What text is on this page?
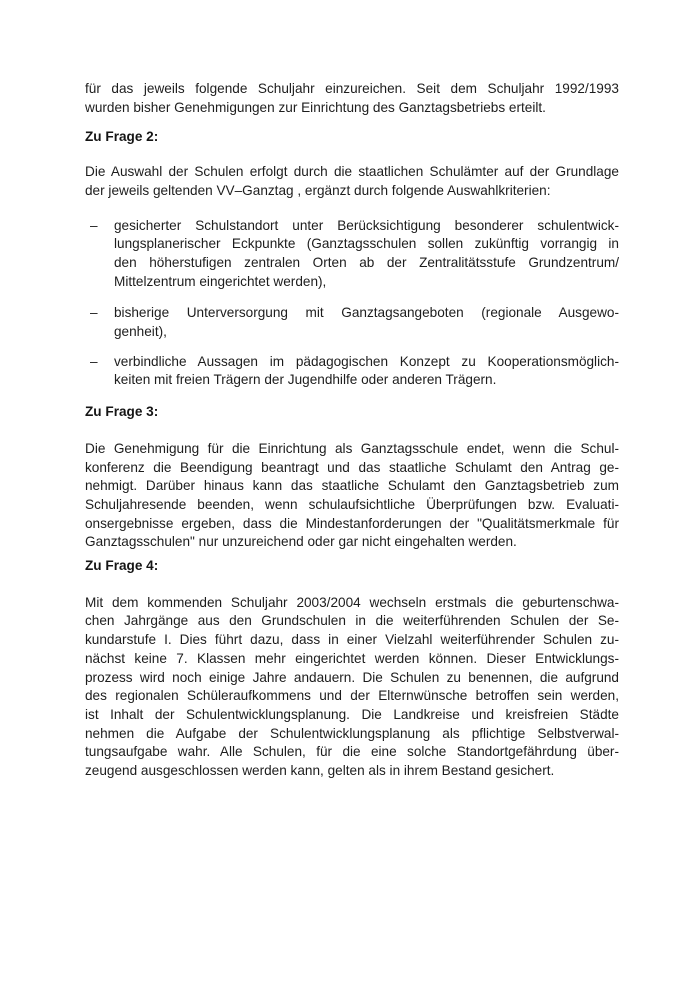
für das jeweils folgende Schuljahr einzureichen. Seit dem Schuljahr 1992/1993
wurden bisher Genehmigungen zur Einrichtung des Ganztagsbetriebs erteilt.
Zu Frage 2:
Die Auswahl der Schulen erfolgt durch die staatlichen Schulämter auf der Grundlage
der jeweils geltenden VV–Ganztag , ergänzt durch folgende Auswahlkriterien:
–	gesicherter Schulstandort unter Berücksichtigung besonderer schulentwick-
lungsplanerischer Eckpunkte (Ganztagsschulen sollen zukünftig vorrangig in
den höherstufigen zentralen Orten ab der Zentralitätsstufe Grundzentrum/
Mittelzentrum eingerichtet werden),
–	bisherige Unterversorgung mit Ganztagsangeboten (regionale Ausgewo-
genheit),
–	verbindliche Aussagen im pädagogischen Konzept zu Kooperationsmöglich-
keiten mit freien Trägern der Jugendhilfe oder anderen Trägern.
Zu Frage 3:
Die Genehmigung für die Einrichtung als Ganztagsschule endet, wenn die Schul-
konferenz die Beendigung beantragt und das staatliche Schulamt den Antrag ge-
nehmigt. Darüber hinaus kann das staatliche Schulamt den Ganztagsbetrieb zum
Schuljahresende beenden, wenn schulaufsichtliche Überprüfungen bzw. Evaluati-
onsergebnisse ergeben, dass die Mindestanforderungen der "Qualitätsmerkmale für
Ganztagsschulen" nur unzureichend oder gar nicht eingehalten werden.
Zu Frage 4:
Mit dem kommenden Schuljahr 2003/2004 wechseln erstmals die geburtenschwa-
chen Jahrgänge aus den Grundschulen in die weiterführenden Schulen der Se-
kundarstufe I. Dies führt dazu, dass in einer Vielzahl weiterführender Schulen zu-
nächst keine 7. Klassen mehr eingerichtet werden können. Dieser Entwicklungs-
prozess wird noch einige Jahre andauern. Die Schulen zu benennen, die aufgrund
des regionalen Schüleraufkommens und der Elternwünsche betroffen sein werden,
ist Inhalt der Schulentwicklungsplanung. Die Landkreise und kreisfreien Städte
nehmen die Aufgabe der Schulentwicklungsplanung als pflichtige Selbstverwal-
tungsaufgabe wahr. Alle Schulen, für die eine solche Standortgefährdung über-
zeugend ausgeschlossen werden kann, gelten als in ihrem Bestand gesichert.
